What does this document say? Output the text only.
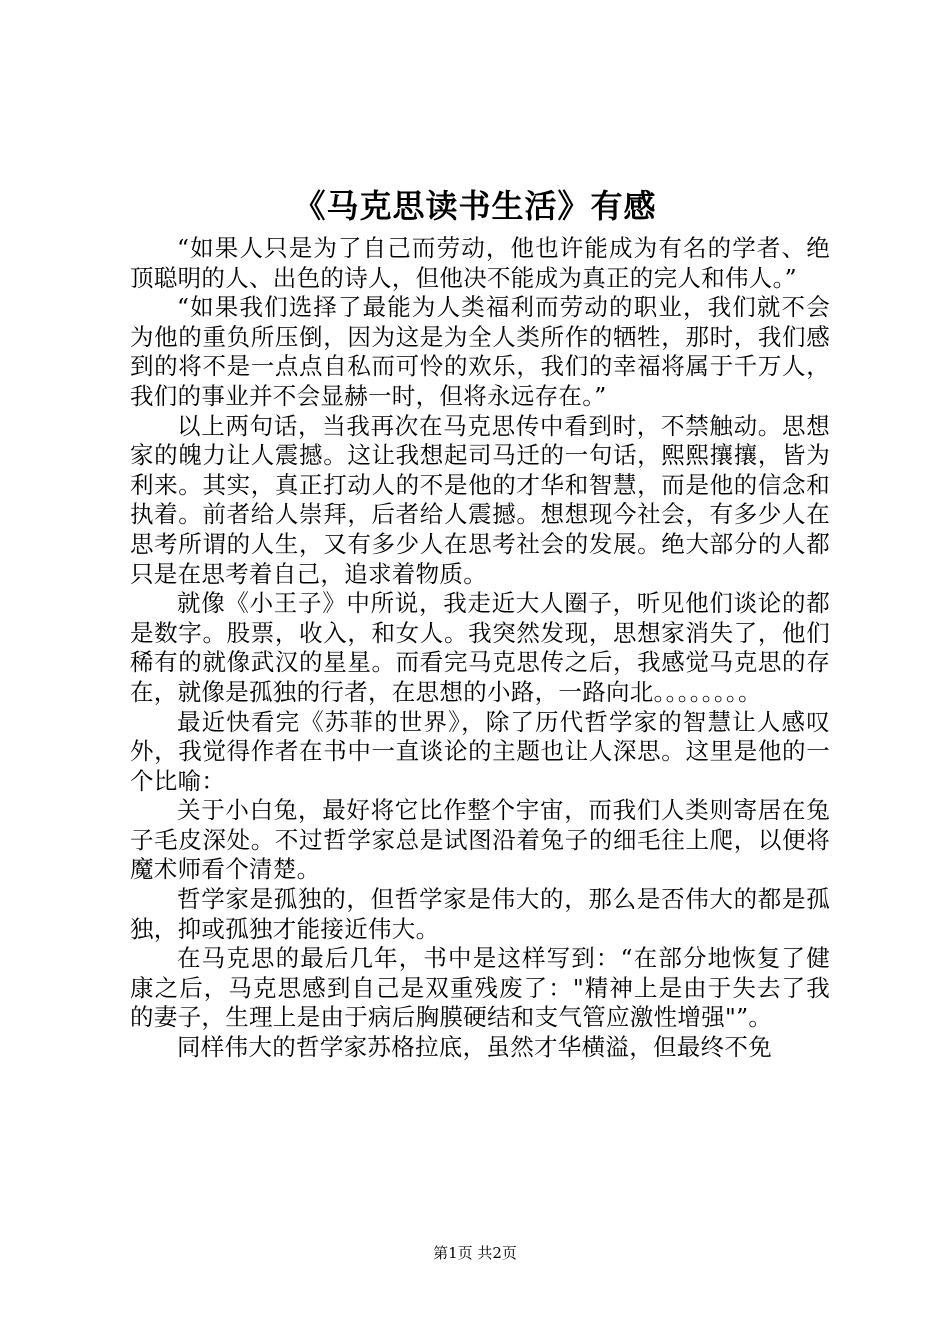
《马克思读书生活》有感

“如果人只是为了自己而劳动，他也许能成为有名的学者、绝顶聪明的人、出色的诗人，但他决不能成为真正的完人和伟人。”

“如果我们选择了最能为人类福利而劳动的职业，我们就不会为他的重负所压倒，因为这是为全人类所作的牺牲，那时，我们感到的将不是一点点自私而可怜的欢乐，我们的幸福将属于千万人，我们的事业并不会显赫一时，但将永远存在。”

以上两句话，当我再次在马克思传中看到时，不禁触动。思想家的魄力让人震撼。这让我想起司马迁的一句话，熙熙攘攘，皆为利来。其实，真正打动人的不是他的才华和智慧，而是他的信念和执着。前者给人崇拜，后者给人震撼。想想现今社会，有多少人在思考所谓的人生，又有多少人在思考社会的发展。绝大部分的人都只是在思考着自己，追求着物质。

就像《小王子》中所说，我走近大人圈子，听见他们谈论的都是数字。股票，收入，和女人。我突然发现，思想家消失了，他们稀有的就像武汉的星星。而看完马克思传之后，我感觉马克思的存在，就像是孤独的行者，在思想的小路，一路向北。。。。。。。。

最近快看完《苏菲的世界》，除了历代哲学家的智慧让人感叹外，我觉得作者在书中一直谈论的主题也让人深思。这里是他的一个比喻：

关于小白兔，最好将它比作整个宇宙，而我们人类则寄居在兔子毛皮深处。不过哲学家总是试图沿着兔子的细毛往上爬，以便将魔术师看个清楚。

哲学家是孤独的，但哲学家是伟大的，那么是否伟大的都是孤独，抑或孤独才能接近伟大。

在马克思的最后几年，书中是这样写到：“在部分地恢复了健康之后，马克思感到自己是双重残废了："精神上是由于失去了我的妻子，生理上是由于病后胸膜硬结和支气管应激性增强"”。

同样伟大的哲学家苏格拉底，虽然才华横溢，但最终不免

第1页 共2页
